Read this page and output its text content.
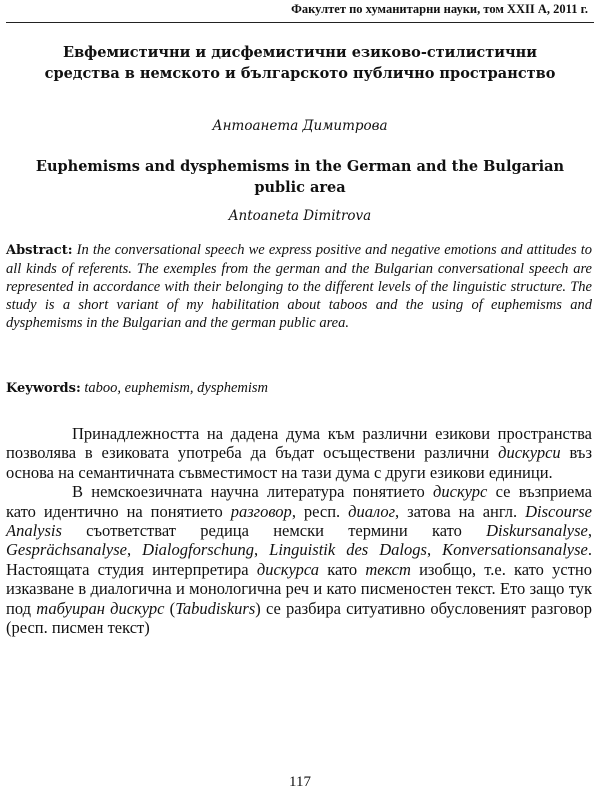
Факултет по хуманитарни науки, том ХХІІ А, 2011 г.
Евфемистични и дисфемистични езиково-стилистични средства в немското и българското публично пространство
Антоанета Димитрова
Euphemisms and dysphemisms in the German and the Bulgarian public area
Antoaneta Dimitrova
Abstract: In the conversational speech we express positive and negative emotions and attitudes to all kinds of referents. The exemples from the german and the Bulgarian conversational speech are represented in accordance with their belonging to the different levels of the linguistic structure. The study is a short variant of my habilitation about taboos and the using of euphemisms and dysphemisms in the Bulgarian and the german public area.
Keywords: taboo, euphemism, dysphemism

Принадлежността на дадена дума към различни езикови пространства позволява в езиковата употреба да бъдат осъществени различни дискурси въз основа на семантичната съвместимост на тази дума с други езикови единици.

В немскоезичната научна литература понятието дискурс се възприема като идентично на понятието разговор, респ. диалог, затова на англ. Discourse Analysis съответстват редица немски термини като Diskursanalyse, Gesprächsanalyse, Dialogforschung, Linguistik des Dalogs, Konversationsanalyse. Настоящата студия интерпретира дискурса като текст изобщо, т.е. като устно изказване в диалогична и монологична реч и като писменостен текст. Ето защо тук под табуиран дискурс (Tabudiskurs) се разбира ситуативно обусловеният разговор (респ. писмен текст)

117
